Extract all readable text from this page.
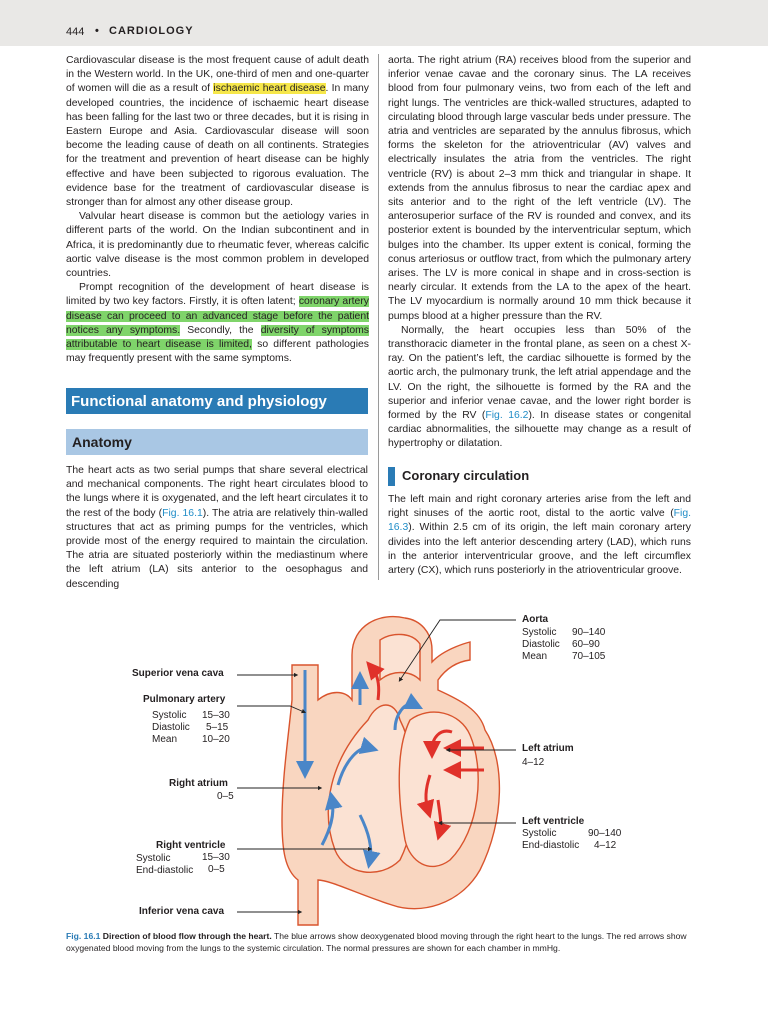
444 • CARDIOLOGY

Cardiovascular disease is the most frequent cause of adult death in the Western world. In the UK, one-third of men and one-quarter of women will die as a result of ischaemic heart disease. In many developed countries, the incidence of ischaemic heart disease has been falling for the last two or three decades, but it is rising in Eastern Europe and Asia. Cardiovascular disease will soon become the leading cause of death on all continents. Strategies for the treatment and prevention of heart disease can be highly effective and have been subjected to rigorous evaluation. The evidence base for the treatment of cardiovascular disease is stronger than for almost any other disease group.

Valvular heart disease is common but the aetiology varies in different parts of the world. On the Indian subcontinent and in Africa, it is predominantly due to rheumatic fever, whereas calcific aortic valve disease is the most common problem in developed countries.

Prompt recognition of the development of heart disease is limited by two key factors. Firstly, it is often latent; coronary artery disease can proceed to an advanced stage before the patient notices any symptoms. Secondly, the diversity of symptoms attributable to heart disease is limited, so different pathologies may frequently present with the same symptoms.

Functional anatomy and physiology
Anatomy
The heart acts as two serial pumps that share several electrical and mechanical components. The right heart circulates blood to the lungs where it is oxygenated, and the left heart circulates it to the rest of the body (Fig. 16.1). The atria are relatively thin-walled structures that act as priming pumps for the ventricles, which provide most of the energy required to maintain the circulation. The atria are situated posteriorly within the mediastinum where the left atrium (LA) sits anterior to the oesophagus and descending

aorta. The right atrium (RA) receives blood from the superior and inferior venae cavae and the coronary sinus. The LA receives blood from four pulmonary veins, two from each of the left and right lungs. The ventricles are thick-walled structures, adapted to circulating blood through large vascular beds under pressure. The atria and ventricles are separated by the annulus fibrosus, which forms the skeleton for the atrioventricular (AV) valves and electrically insulates the atria from the ventricles. The right ventricle (RV) is about 2–3 mm thick and triangular in shape. It extends from the annulus fibrosus to near the cardiac apex and sits anterior and to the right of the left ventricle (LV). The anterosuperior surface of the RV is rounded and convex, and its posterior extent is bounded by the interventricular septum, which bulges into the chamber. Its upper extent is conical, forming the conus arteriosus or outflow tract, from which the pulmonary artery arises. The LV is more conical in shape and in cross-section is nearly circular. It extends from the LA to the apex of the heart. The LV myocardium is normally around 10 mm thick because it pumps blood at a higher pressure than the RV.

Normally, the heart occupies less than 50% of the transthoracic diameter in the frontal plane, as seen on a chest X-ray. On the patient’s left, the cardiac silhouette is formed by the aortic arch, the pulmonary trunk, the left atrial appendage and the LV. On the right, the silhouette is formed by the RA and the superior and inferior venae cavae, and the lower right border is formed by the RV (Fig. 16.2). In disease states or congenital cardiac abnormalities, the silhouette may change as a result of hypertrophy or dilatation.

Coronary circulation
The left main and right coronary arteries arise from the left and right sinuses of the aortic root, distal to the aortic valve (Fig. 16.3). Within 2.5 cm of its origin, the left main coronary artery divides into the left anterior descending artery (LAD), which runs in the anterior interventricular groove, and the left circumflex artery (CX), which runs posteriorly in the atrioventricular groove.
Aorta
Systolic 90–140
Diastolic 60–90
Mean 70–105
Superior vena cava
Pulmonary artery
Systolic 15–30
Diastolic 5–15
Mean 10–20
Right atrium
0–5
Right ventricle
Systolic	15–30
End-diastolic 0–5
Inferior vena cava
Left atrium
4–12
Left ventricle
Systolic	90–140
End-diastolic 4–12
Fig. 16.1 Direction of blood flow through the heart. The blue arrows show deoxygenated blood moving through the right heart to the lungs. The red arrows show oxygenated blood moving from the lungs to the systemic circulation. The normal pressures are shown for each chamber in mmHg.
